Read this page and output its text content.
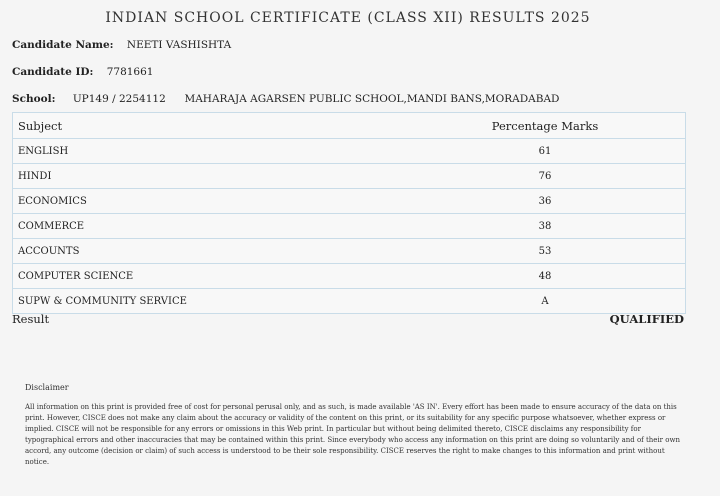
INDIAN SCHOOL CERTIFICATE (CLASS XII) RESULTS 2025
Candidate Name: NEETI VASHISHTA
Candidate ID: 7781661
School: UP149 / 2254112 MAHARAJA AGARSEN PUBLIC SCHOOL,MANDI BANS,MORADABAD
Subject	Percentage Marks
ENGLISH	61
HINDI	76
ECONOMICS	36
COMMERCE	38
ACCOUNTS	53
COMPUTER SCIENCE	48
SUPW & COMMUNITY SERVICE	A
Result	QUALIFIED
Disclaimer
All information on this print is provided free of cost for personal perusal only, and as such, is made available 'AS IN'. Every effort has been made to ensure accuracy of the data on this print. However, CISCE does not make any claim about the accuracy or validity of the content on this print, or its suitability for any specific purpose whatsoever, whether express or implied. CISCE will not be responsible for any errors or omissions in this Web print. In particular but without being delimited thereto, CISCE disclaims any responsibility for typographical errors and other inaccuracies that may be contained within this print. Since everybody who access any information on this print are doing so voluntarily and of their own accord, any outcome (decision or claim) of such access is understood to be their sole responsibility. CISCE reserves the right to make changes to this information and print without notice.
